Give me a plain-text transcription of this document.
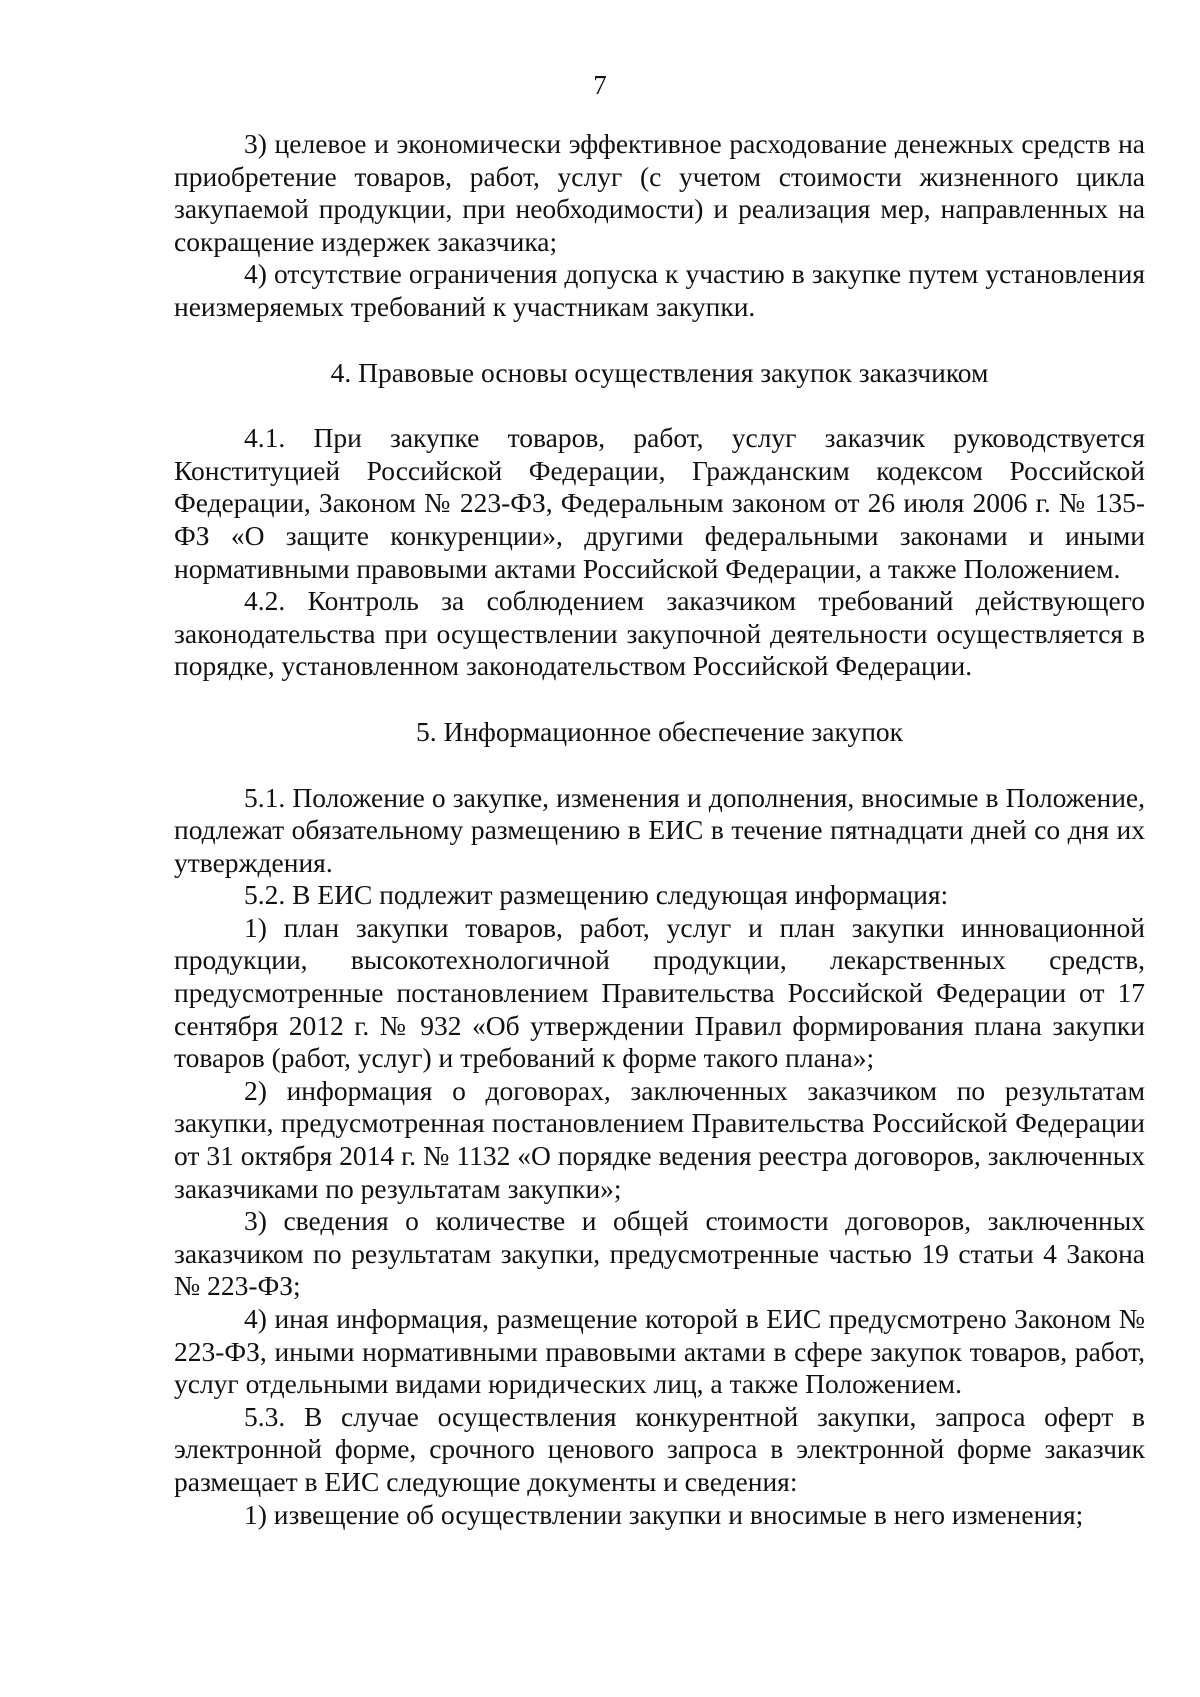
7

3) целевое и экономически эффективное расходование денежных средств на приобретение товаров, работ, услуг (с учетом стоимости жизненного цикла закупаемой продукции, при необходимости) и реализация мер, направленных на сокращение издержек заказчика;

4) отсутствие ограничения допуска к участию в закупке путем установления неизмеряемых требований к участникам закупки.

4. Правовые основы осуществления закупок заказчиком

4.1. При закупке товаров, работ, услуг заказчик руководствуется Конституцией Российской Федерации, Гражданским кодексом Российской Федерации, Законом № 223-ФЗ, Федеральным законом от 26 июля 2006 г. № 135-ФЗ «О защите конкуренции», другими федеральными законами и иными нормативными правовыми актами Российской Федерации, а также Положением.

4.2. Контроль за соблюдением заказчиком требований действующего законодательства при осуществлении закупочной деятельности осуществляется в порядке, установленном законодательством Российской Федерации.

5. Информационное обеспечение закупок

5.1. Положение о закупке, изменения и дополнения, вносимые в Положение, подлежат обязательному размещению в ЕИС в течение пятнадцати дней со дня их утверждения.

5.2. В ЕИС подлежит размещению следующая информация:

1) план закупки товаров, работ, услуг и план закупки инновационной продукции, высокотехнологичной продукции, лекарственных средств, предусмотренные постановлением Правительства Российской Федерации от 17 сентября 2012 г. № 932 «Об утверждении Правил формирования плана закупки товаров (работ, услуг) и требований к форме такого плана»;

2) информация о договорах, заключенных заказчиком по результатам закупки, предусмотренная постановлением Правительства Российской Федерации от 31 октября 2014 г. № 1132 «О порядке ведения реестра договоров, заключенных заказчиками по результатам закупки»;

3) сведения о количестве и общей стоимости договоров, заключенных заказчиком по результатам закупки, предусмотренные частью 19 статьи 4 Закона № 223-ФЗ;

4) иная информация, размещение которой в ЕИС предусмотрено Законом № 223-ФЗ, иными нормативными правовыми актами в сфере закупок товаров, работ, услуг отдельными видами юридических лиц, а также Положением.

5.3. В случае осуществления конкурентной закупки, запроса оферт в электронной форме, срочного ценового запроса в электронной форме заказчик размещает в ЕИС следующие документы и сведения:

1) извещение об осуществлении закупки и вносимые в него изменения;
